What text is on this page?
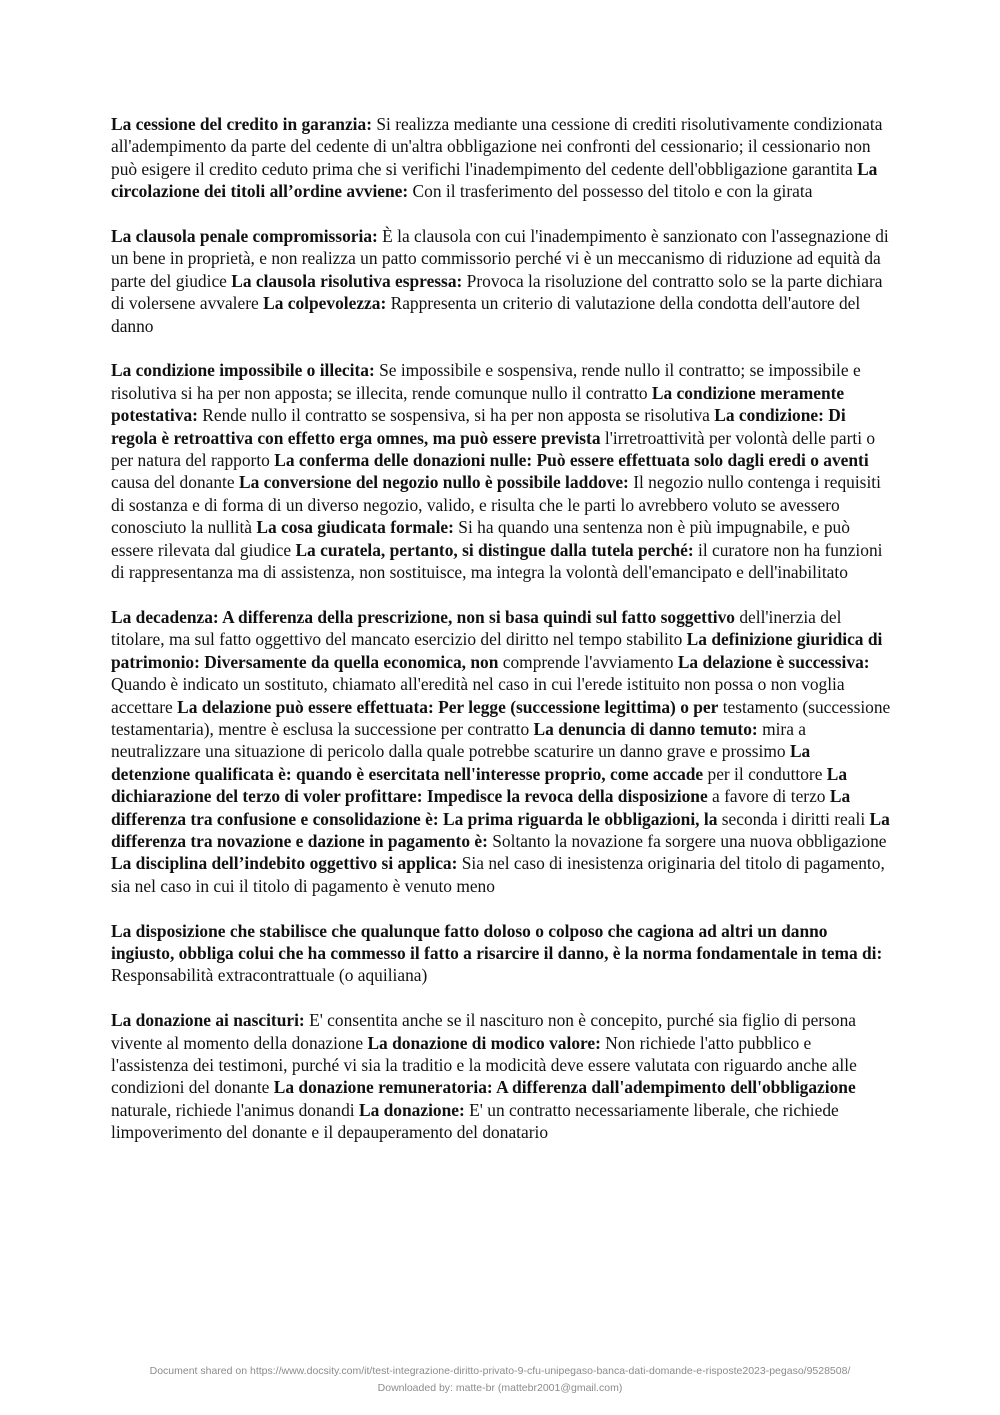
La cessione del credito in garanzia: Si realizza mediante una cessione di crediti risolutivamente condizionata all'adempimento da parte del cedente di un'altra obbligazione nei confronti del cessionario; il cessionario non può esigere il credito ceduto prima che si verifichi l'inadempimento del cedente dell'obbligazione garantita La circolazione dei titoli all’ordine avviene: Con il trasferimento del possesso del titolo e con la girata

La clausola penale compromissoria: È la clausola con cui l'inadempimento è sanzionato con l'assegnazione di un bene in proprietà, e non realizza un patto commissorio perché vi è un meccanismo di riduzione ad equità da parte del giudice La clausola risolutiva espressa: Provoca la risoluzione del contratto solo se la parte dichiara di volersene avvalere La colpevolezza: Rappresenta un criterio di valutazione della condotta dell'autore del danno

La condizione impossibile o illecita: Se impossibile e sospensiva, rende nullo il contratto; se impossibile e risolutiva si ha per non apposta; se illecita, rende comunque nullo il contratto La condizione meramente potestativa: Rende nullo il contratto se sospensiva, si ha per non apposta se risolutiva La condizione: Di regola è retroattiva con effetto erga omnes, ma può essere prevista l'irretroattività per volontà delle parti o per natura del rapporto La conferma delle donazioni nulle: Può essere effettuata solo dagli eredi o aventi causa del donante La conversione del negozio nullo è possibile laddove: Il negozio nullo contenga i requisiti di sostanza e di forma di un diverso negozio, valido, e risulta che le parti lo avrebbero voluto se avessero conosciuto la nullità La cosa giudicata formale: Si ha quando una sentenza non è più impugnabile, e può essere rilevata dal giudice La curatela, pertanto, si distingue dalla tutela perché: il curatore non ha funzioni di rappresentanza ma di assistenza, non sostituisce, ma integra la volontà dell'emancipato e dell'inabilitato

La decadenza: A differenza della prescrizione, non si basa quindi sul fatto soggettivo dell'inerzia del titolare, ma sul fatto oggettivo del mancato esercizio del diritto nel tempo stabilito La definizione giuridica di patrimonio: Diversamente da quella economica, non comprende l'avviamento La delazione è successiva: Quando è indicato un sostituto, chiamato all'eredità nel caso in cui l'erede istituito non possa o non voglia accettare La delazione può essere effettuata: Per legge (successione legittima) o per testamento (successione testamentaria), mentre è esclusa la successione per contratto La denuncia di danno temuto: mira a neutralizzare una situazione di pericolo dalla quale potrebbe scaturire un danno grave e prossimo La detenzione qualificata è: quando è esercitata nell'interesse proprio, come accade per il conduttore La dichiarazione del terzo di voler profittare: Impedisce la revoca della disposizione a favore di terzo La differenza tra confusione e consolidazione è: La prima riguarda le obbligazioni, la seconda i diritti reali La differenza tra novazione e dazione in pagamento è: Soltanto la novazione fa sorgere una nuova obbligazione La disciplina dell’indebito oggettivo si applica: Sia nel caso di inesistenza originaria del titolo di pagamento, sia nel caso in cui il titolo di pagamento è venuto meno

La disposizione che stabilisce che qualunque fatto doloso o colposo che cagiona ad altri un danno ingiusto, obbliga colui che ha commesso il fatto a risarcire il danno, è la norma fondamentale in tema di: Responsabilità extracontrattuale (o aquiliana)

La donazione ai nascituri: E' consentita anche se il nascituro non è concepito, purché sia figlio di persona vivente al momento della donazione La donazione di modico valore: Non richiede l'atto pubblico e l'assistenza dei testimoni, purché vi sia la traditio e la modicità deve essere valutata con riguardo anche alle condizioni del donante La donazione remuneratoria: A differenza dall'adempimento dell'obbligazione naturale, richiede l'animus donandi La donazione: E' un contratto necessariamente liberale, che richiede limpoverimento del donante e il depauperamento del donatario

Document shared on https://www.docsity.com/it/test-integrazione-diritto-privato-9-cfu-unipegaso-banca-dati-domande-e-risposte2023-pegaso/9528508/
Downloaded by: matte-br (mattebr2001@gmail.com)
